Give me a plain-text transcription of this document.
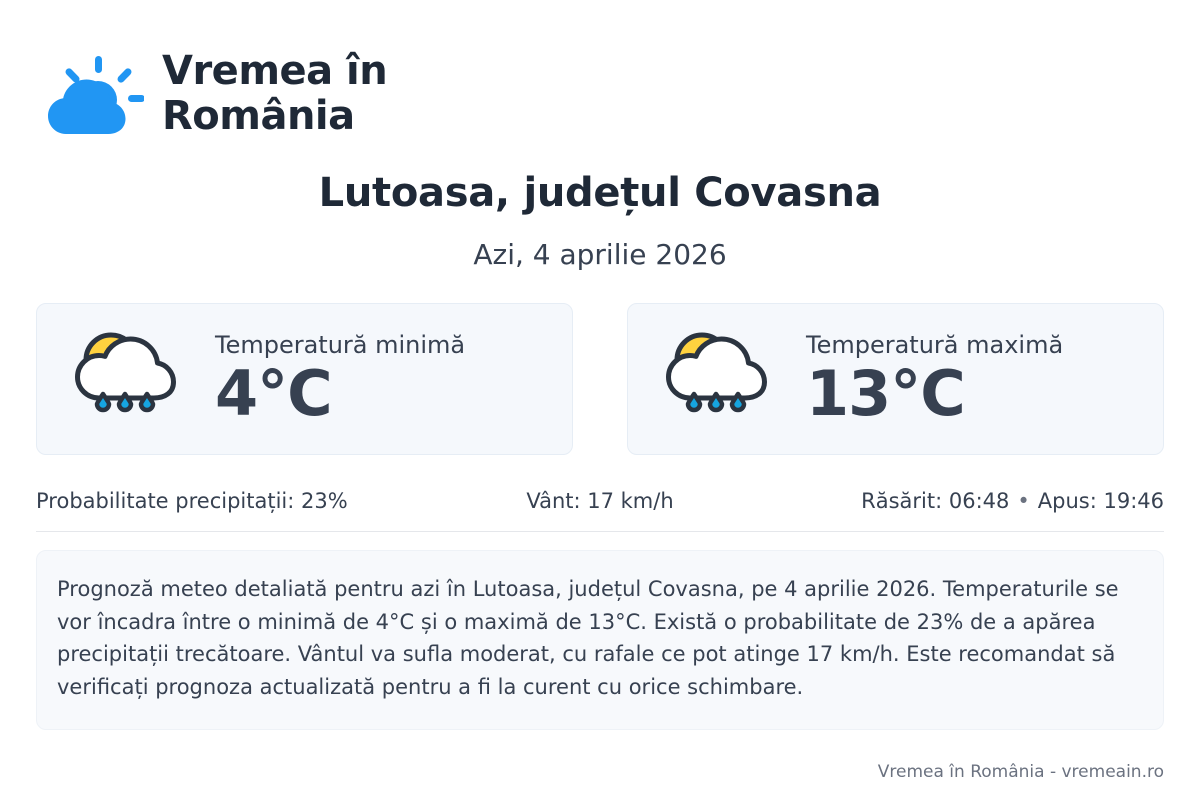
Vremea în
România
Lutoasa, județul Covasna
Azi, 4 aprilie 2026
Temperatură minimă
4°C
Temperatură maximă
13°C
Probabilitate precipitații: 23%	Vânt: 17 km/h	Răsărit: 06:48 • Apus: 19:46
Prognoză meteo detaliată pentru azi în Lutoasa, județul Covasna, pe 4 aprilie 2026. Temperaturile se vor încadra între o minimă de 4°C și o maximă de 13°C. Există o probabilitate de 23% de a apărea precipitații trecătoare. Vântul va sufla moderat, cu rafale ce pot atinge 17 km/h. Este recomandat să verificați prognoza actualizată pentru a fi la curent cu orice schimbare.
Vremea în România - vremeain.ro
